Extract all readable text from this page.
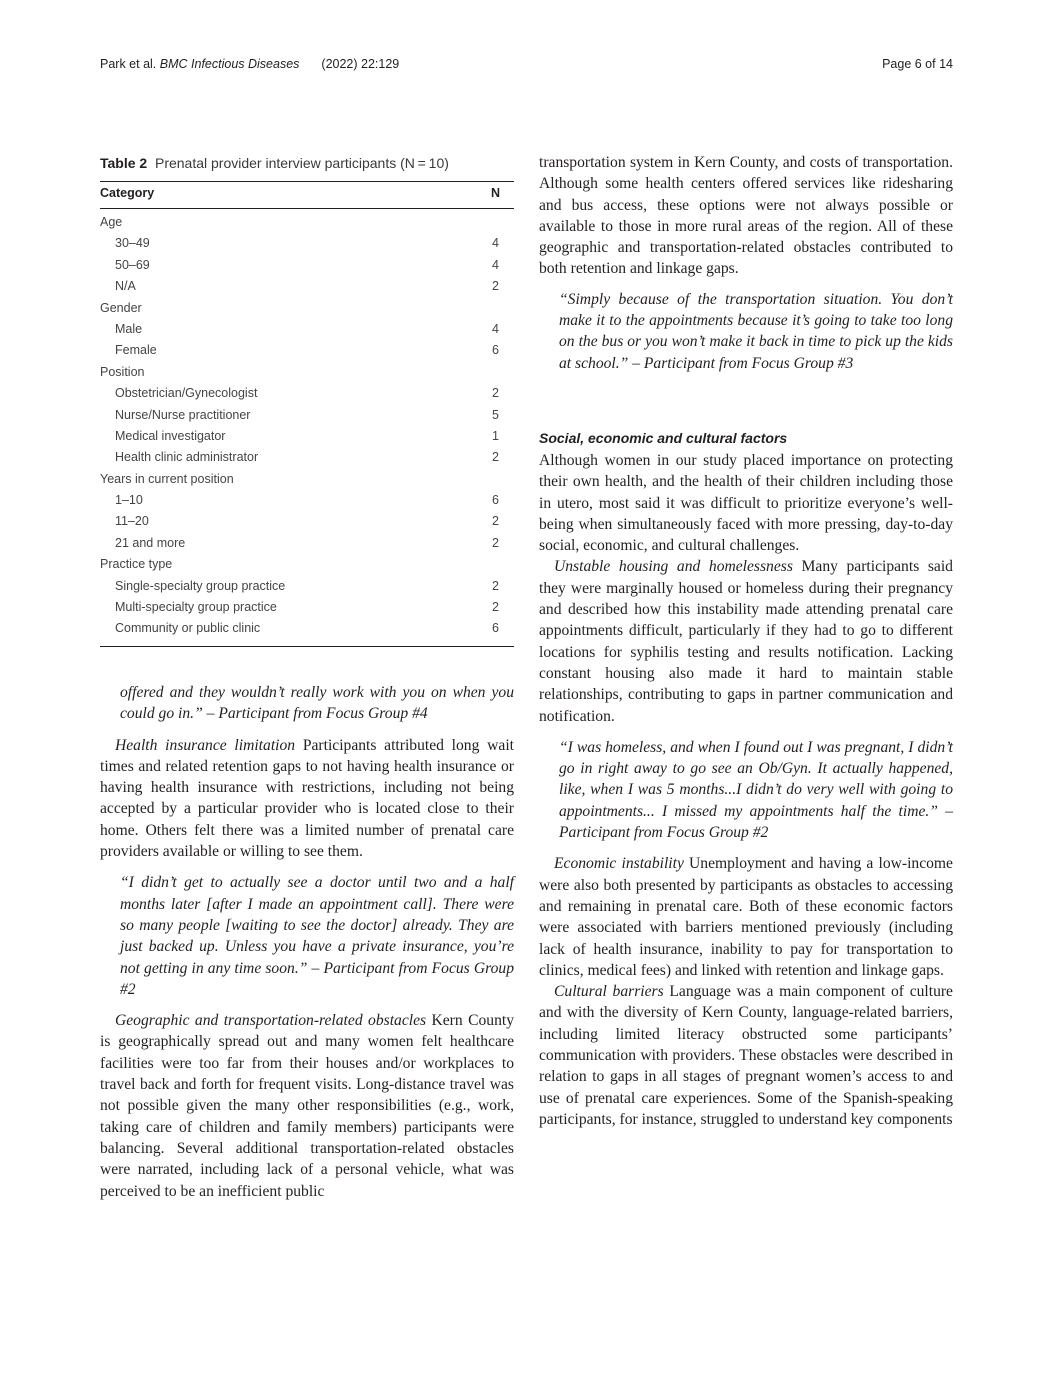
Park et al. BMC Infectious Diseases (2022) 22:129	Page 6 of 14
Table 2 Prenatal provider interview participants (N = 10)
Category	N
Age
30–49	4
50–69	4
N/A	2
Gender
Male	4
Female	6
Position
Obstetrician/Gynecologist	2
Nurse/Nurse practitioner	5
Medical investigator	1
Health clinic administrator	2
Years in current position
1–10	6
11–20	2
21 and more	2
Practice type
Single-specialty group practice	2
Multi-specialty group practice	2
Community or public clinic	6

offered and they wouldn’t really work with you on when you could go in.” – Participant from Focus Group #4

Health insurance limitation Participants attributed long wait times and related retention gaps to not having health insurance or having health insurance with restrictions, including not being accepted by a particular provider who is located close to their home. Others felt there was a limited number of prenatal care providers available or willing to see them.

“I didn’t get to actually see a doctor until two and a half months later [after I made an appointment call]. There were so many people [waiting to see the doctor] already. They are just backed up. Unless you have a private insurance, you’re not getting in any time soon.” – Participant from Focus Group #2

Geographic and transportation-related obstacles Kern County is geographically spread out and many women felt healthcare facilities were too far from their houses and/or workplaces to travel back and forth for frequent visits. Long-distance travel was not possible given the many other responsibilities (e.g., work, taking care of children and family members) participants were balancing. Several additional transportation-related obstacles were narrated, including lack of a personal vehicle, what was perceived to be an inefficient public

transportation system in Kern County, and costs of transportation. Although some health centers offered services like ridesharing and bus access, these options were not always possible or available to those in more rural areas of the region. All of these geographic and transportation-related obstacles contributed to both retention and linkage gaps.

“Simply because of the transportation situation. You don’t make it to the appointments because it’s going to take too long on the bus or you won’t make it back in time to pick up the kids at school.” – Participant from Focus Group #3

Social, economic and cultural factors

Although women in our study placed importance on protecting their own health, and the health of their children including those in utero, most said it was difficult to prioritize everyone’s well-being when simultaneously faced with more pressing, day-to-day social, economic, and cultural challenges.

Unstable housing and homelessness Many participants said they were marginally housed or homeless during their pregnancy and described how this instability made attending prenatal care appointments difficult, particularly if they had to go to different locations for syphilis testing and results notification. Lacking constant housing also made it hard to maintain stable relationships, contributing to gaps in partner communication and notification.

“I was homeless, and when I found out I was pregnant, I didn’t go in right away to go see an Ob/Gyn. It actually happened, like, when I was 5 months...I didn’t do very well with going to appointments... I missed my appointments half the time.” – Participant from Focus Group #2

Economic instability Unemployment and having a low-income were also both presented by participants as obstacles to accessing and remaining in prenatal care. Both of these economic factors were associated with barriers mentioned previously (including lack of health insurance, inability to pay for transportation to clinics, medical fees) and linked with retention and linkage gaps.

Cultural barriers Language was a main component of culture and with the diversity of Kern County, language-related barriers, including limited literacy obstructed some participants’ communication with providers. These obstacles were described in relation to gaps in all stages of pregnant women’s access to and use of prenatal care experiences. Some of the Spanish-speaking participants, for instance, struggled to understand key components
